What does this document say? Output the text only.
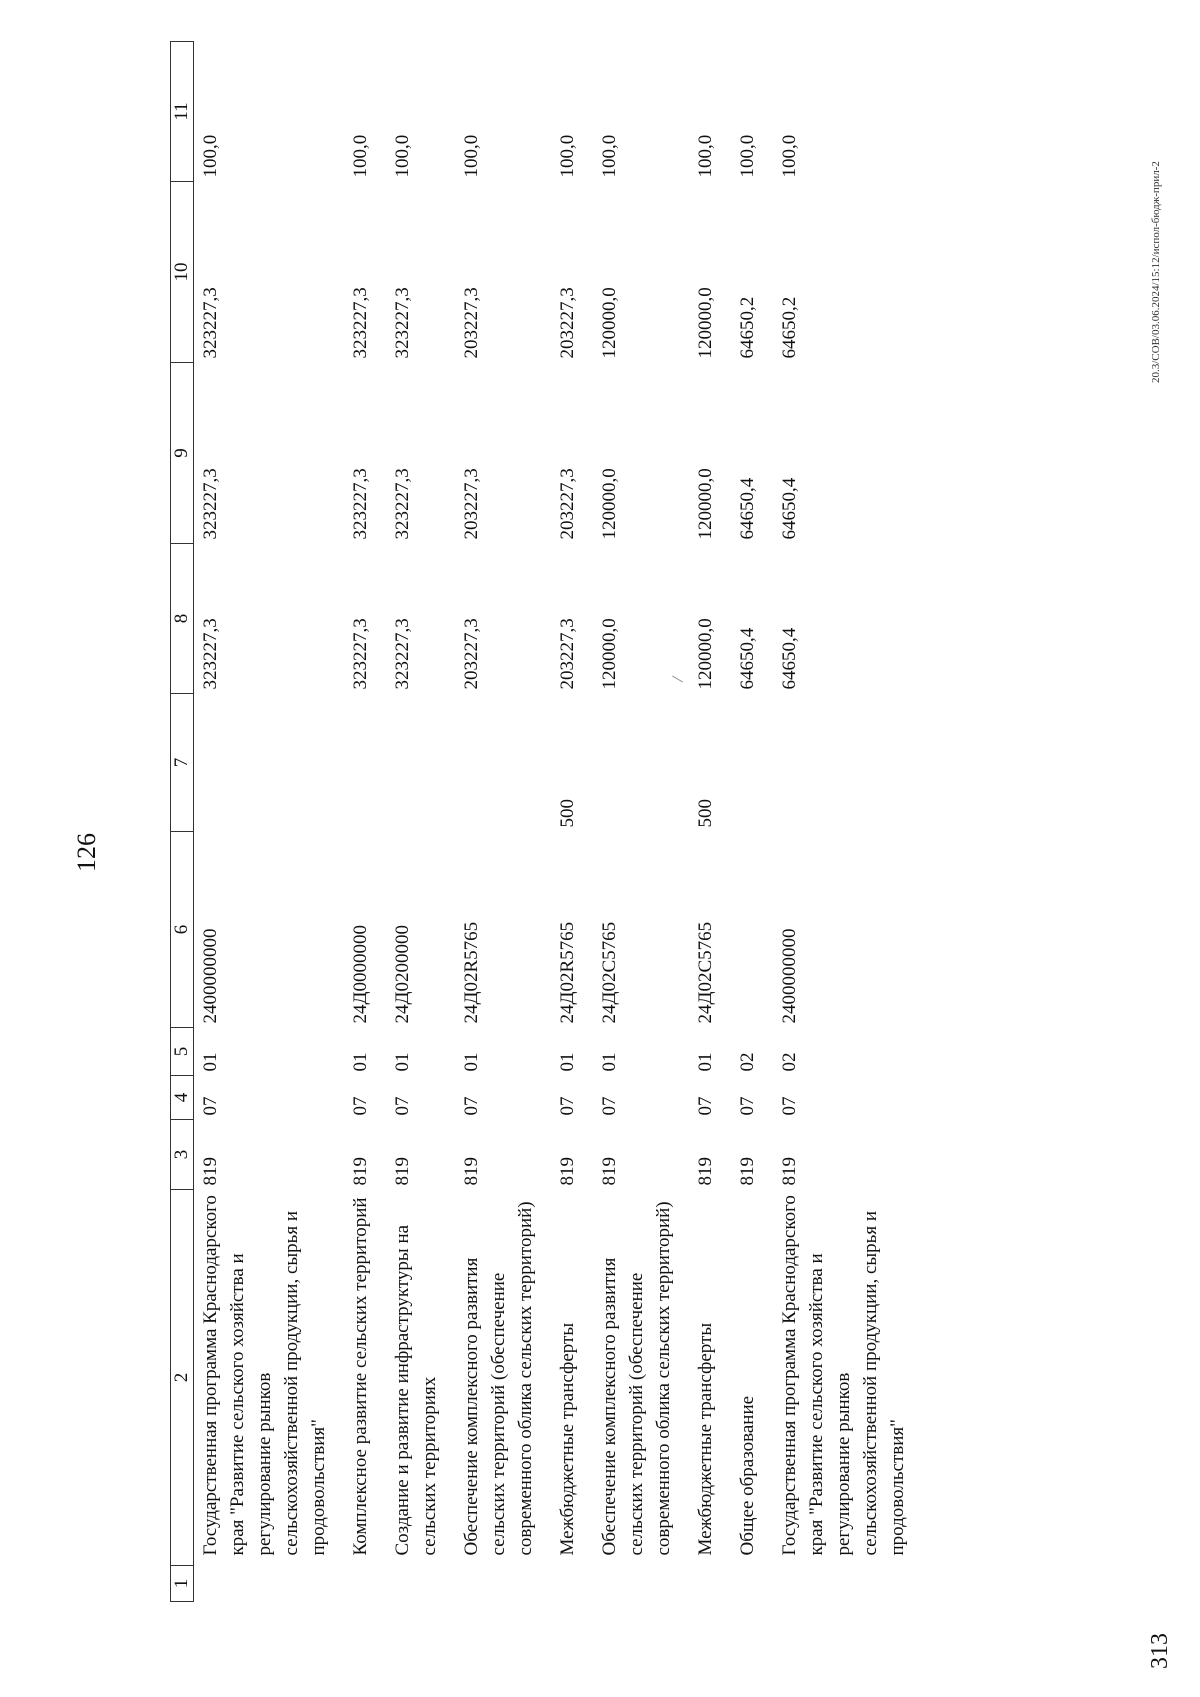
126
313
20.3/СОВ/03.06.2024/15:12/испол-бюдж-прил-2
1	2	3	4	5	6	7	8	9	10	11
	Государственная программа Краснодарского края "Развитие сельского хозяйства и регулирование рынков сельскохозяйственной продукции, сырья и продовольствия"	819	07	01	2400000000		323227,3	323227,3	323227,3	100,0
	Комплексное развитие сельских территорий	819	07	01	24Д0000000		323227,3	323227,3	323227,3	100,0
	Создание и развитие инфраструктуры на сельских территориях	819	07	01	24Д0200000		323227,3	323227,3	323227,3	100,0
	Обеспечение комплексного развития сельских территорий (обеспечение современного облика сельских территорий)	819	07	01	24Д02R5765		203227,3	203227,3	203227,3	100,0
	Межбюджетные трансферты	819	07	01	24Д02R5765	500	203227,3	203227,3	203227,3	100,0
	Обеспечение комплексного развития сельских территорий (обеспечение современного облика сельских территорий)	819	07	01	24Д02С5765		120000,0	120000,0	120000,0	100,0
	Межбюджетные трансферты	819	07	01	24Д02С5765	500	120000,0	120000,0	120000,0	100,0
	Общее образование	819	07	02			64650,4	64650,4	64650,2	100,0
	Государственная программа Краснодарского края "Развитие сельского хозяйства и регулирование рынков сельскохозяйственной продукции, сырья и продовольствия"	819	07	02	2400000000		64650,4	64650,4	64650,2	100,0
